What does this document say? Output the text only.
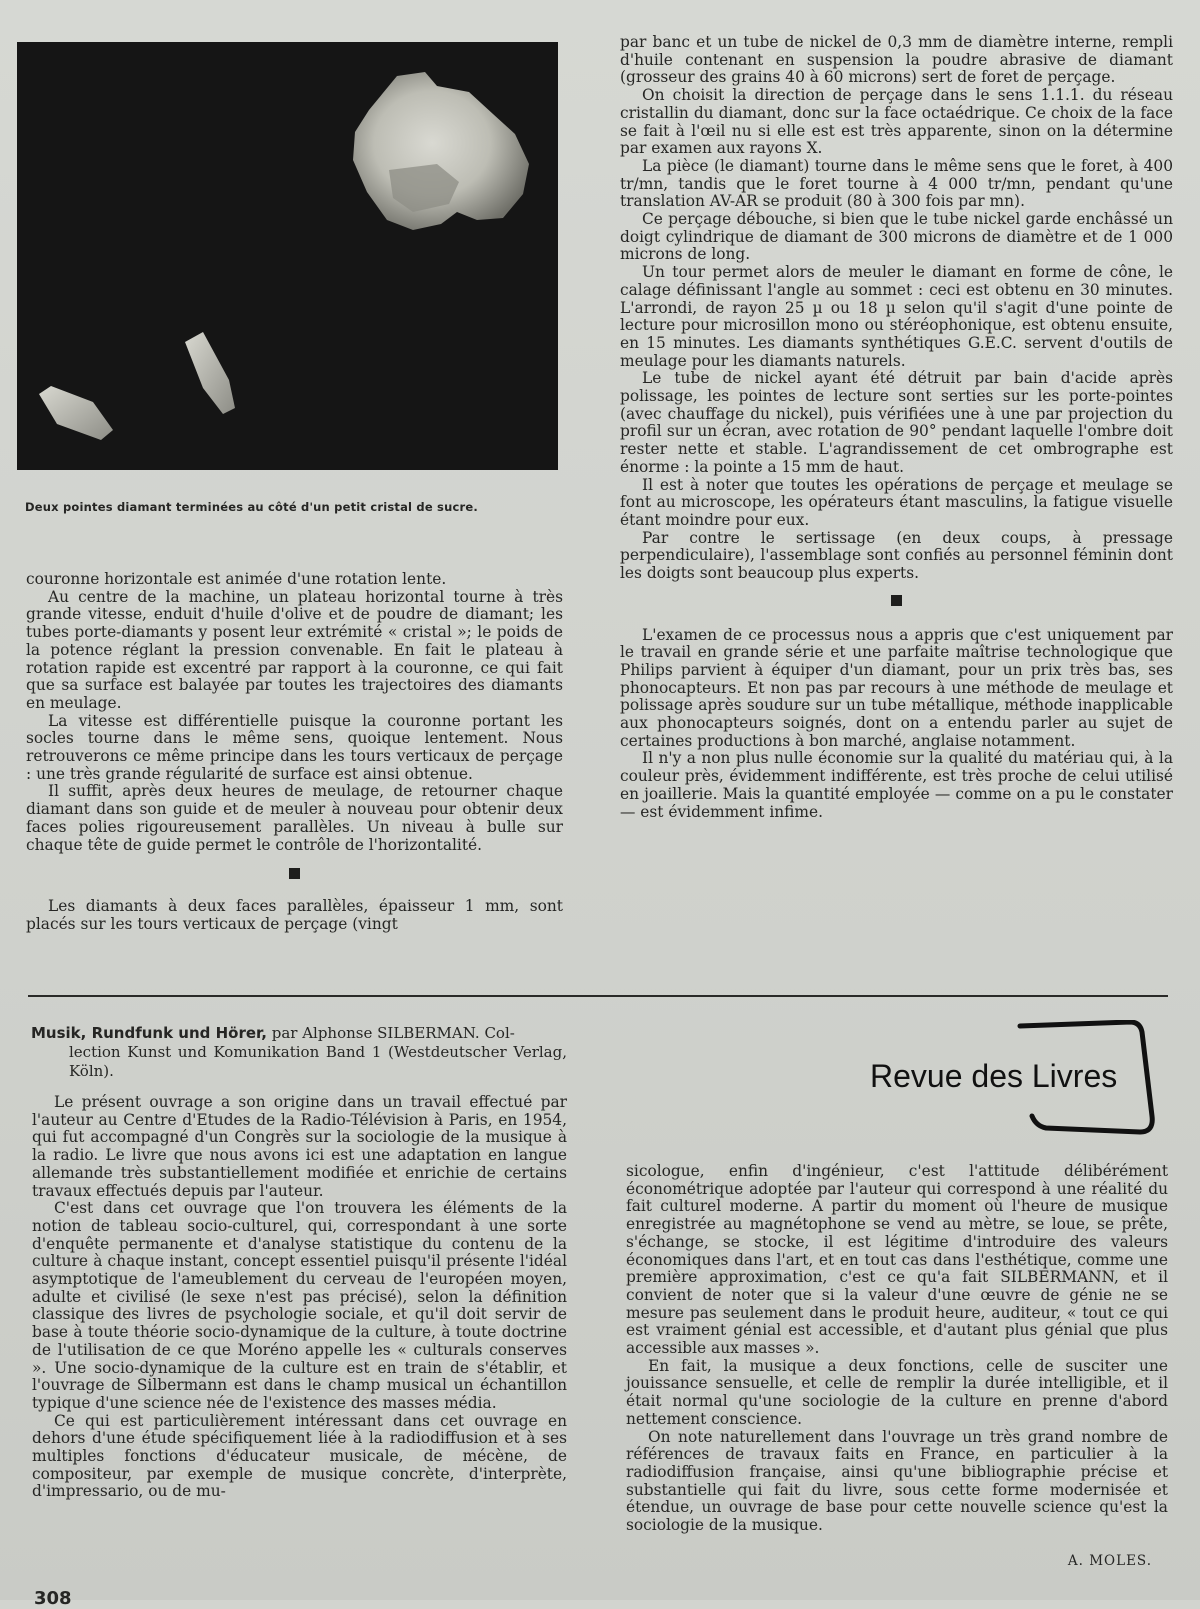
Deux pointes diamant terminées au côté d'un petit cristal de sucre.

couronne horizontale est animée d'une rotation lente.

Au centre de la machine, un plateau horizontal tourne à très grande vitesse, enduit d'huile d'olive et de poudre de diamant; les tubes porte-diamants y posent leur extrémité « cristal »; le poids de la potence réglant la pression convenable. En fait le plateau à rotation rapide est excentré par rapport à la couronne, ce qui fait que sa surface est balayée par toutes les trajectoires des diamants en meulage.

La vitesse est différentielle puisque la couronne portant les socles tourne dans le même sens, quoique lentement. Nous retrouverons ce même principe dans les tours verticaux de perçage : une très grande régularité de surface est ainsi obtenue.

Il suffit, après deux heures de meulage, de retourner chaque diamant dans son guide et de meuler à nouveau pour obtenir deux faces polies rigoureusement parallèles. Un niveau à bulle sur chaque tête de guide permet le contrôle de l'horizontalité.

Les diamants à deux faces parallèles, épaisseur 1 mm, sont placés sur les tours verticaux de perçage (vingt

par banc et un tube de nickel de 0,3 mm de diamètre interne, rempli d'huile contenant en suspension la poudre abrasive de diamant (grosseur des grains 40 à 60 microns) sert de foret de perçage.

On choisit la direction de perçage dans le sens 1.1.1. du réseau cristallin du diamant, donc sur la face octaédrique. Ce choix de la face se fait à l'œil nu si elle est est très apparente, sinon on la détermine par examen aux rayons X.

La pièce (le diamant) tourne dans le même sens que le foret, à 400 tr/mn, tandis que le foret tourne à 4 000 tr/mn, pendant qu'une translation AV-AR se produit (80 à 300 fois par mn).

Ce perçage débouche, si bien que le tube nickel garde enchâssé un doigt cylindrique de diamant de 300 microns de diamètre et de 1 000 microns de long.

Un tour permet alors de meuler le diamant en forme de cône, le calage définissant l'angle au sommet : ceci est obtenu en 30 minutes. L'arrondi, de rayon 25 µ ou 18 µ selon qu'il s'agit d'une pointe de lecture pour microsillon mono ou stéréophonique, est obtenu ensuite, en 15 minutes. Les diamants synthétiques G.E.C. servent d'outils de meulage pour les diamants naturels.

Le tube de nickel ayant été détruit par bain d'acide après polissage, les pointes de lecture sont serties sur les porte-pointes (avec chauffage du nickel), puis vérifiées une à une par projection du profil sur un écran, avec rotation de 90° pendant laquelle l'ombre doit rester nette et stable. L'agrandissement de cet ombrographe est énorme : la pointe a 15 mm de haut.

Il est à noter que toutes les opérations de perçage et meulage se font au microscope, les opérateurs étant masculins, la fatigue visuelle étant moindre pour eux.

Par contre le sertissage (en deux coups, à pressage perpendiculaire), l'assemblage sont confiés au personnel féminin dont les doigts sont beaucoup plus experts.

L'examen de ce processus nous a appris que c'est uniquement par le travail en grande série et une parfaite maîtrise technologique que Philips parvient à équiper d'un diamant, pour un prix très bas, ses phonocapteurs. Et non pas par recours à une méthode de meulage et polissage après soudure sur un tube métallique, méthode inapplicable aux phonocapteurs soignés, dont on a entendu parler au sujet de certaines productions à bon marché, anglaise notamment.

Il n'y a non plus nulle économie sur la qualité du matériau qui, à la couleur près, évidemment indifférente, est très proche de celui utilisé en joaillerie. Mais la quantité employée — comme on a pu le constater — est évidemment infime.

Musik, Rundfunk und Hörer, par Alphonse SILBERMAN. Col-
lection Kunst und Komunikation Band 1 (Westdeutscher Verlag, Köln).	Revue des Livres

Le présent ouvrage a son origine dans un travail effectué par l'auteur au Centre d'Etudes de la Radio-Télévision à Paris, en 1954, qui fut accompagné d'un Congrès sur la sociologie de la musique à la radio. Le livre que nous avons ici est une adaptation en langue allemande très substantiellement modifiée et enrichie de certains travaux effectués depuis par l'auteur.

C'est dans cet ouvrage que l'on trouvera les éléments de la notion de tableau socio-culturel, qui, correspondant à une sorte d'enquête permanente et d'analyse statistique du contenu de la culture à chaque instant, concept essentiel puisqu'il présente l'idéal asymptotique de l'ameublement du cerveau de l'européen moyen, adulte et civilisé (le sexe n'est pas précisé), selon la définition classique des livres de psychologie sociale, et qu'il doit servir de base à toute théorie socio-dynamique de la culture, à toute doctrine de l'utilisation de ce que Moréno appelle les « culturals conserves ». Une socio-dynamique de la culture est en train de s'établir, et l'ouvrage de Silbermann est dans le champ musical un échantillon typique d'une science née de l'existence des masses média.

Ce qui est particulièrement intéressant dans cet ouvrage en dehors d'une étude spécifiquement liée à la radiodiffusion et à ses multiples fonctions d'éducateur musicale, de mécène, de compositeur, par exemple de musique concrète, d'interprète, d'impressario, ou de mu-

sicologue, enfin d'ingénieur, c'est l'attitude délibérément économétrique adoptée par l'auteur qui correspond à une réalité du fait culturel moderne. A partir du moment où l'heure de musique enregistrée au magnétophone se vend au mètre, se loue, se prête, s'échange, se stocke, il est légitime d'introduire des valeurs économiques dans l'art, et en tout cas dans l'esthétique, comme une première approximation, c'est ce qu'a fait SILBERMANN, et il convient de noter que si la valeur d'une œuvre de génie ne se mesure pas seulement dans le produit heure, auditeur, « tout ce qui est vraiment génial est accessible, et d'autant plus génial que plus accessible aux masses ».

En fait, la musique a deux fonctions, celle de susciter une jouissance sensuelle, et celle de remplir la durée intelligible, et il était normal qu'une sociologie de la culture en prenne d'abord nettement conscience.

On note naturellement dans l'ouvrage un très grand nombre de références de travaux faits en France, en particulier à la radiodiffusion française, ainsi qu'une bibliographie précise et substantielle qui fait du livre, sous cette forme modernisée et étendue, un ouvrage de base pour cette nouvelle science qu'est la sociologie de la musique.

A. MOLES.
308
